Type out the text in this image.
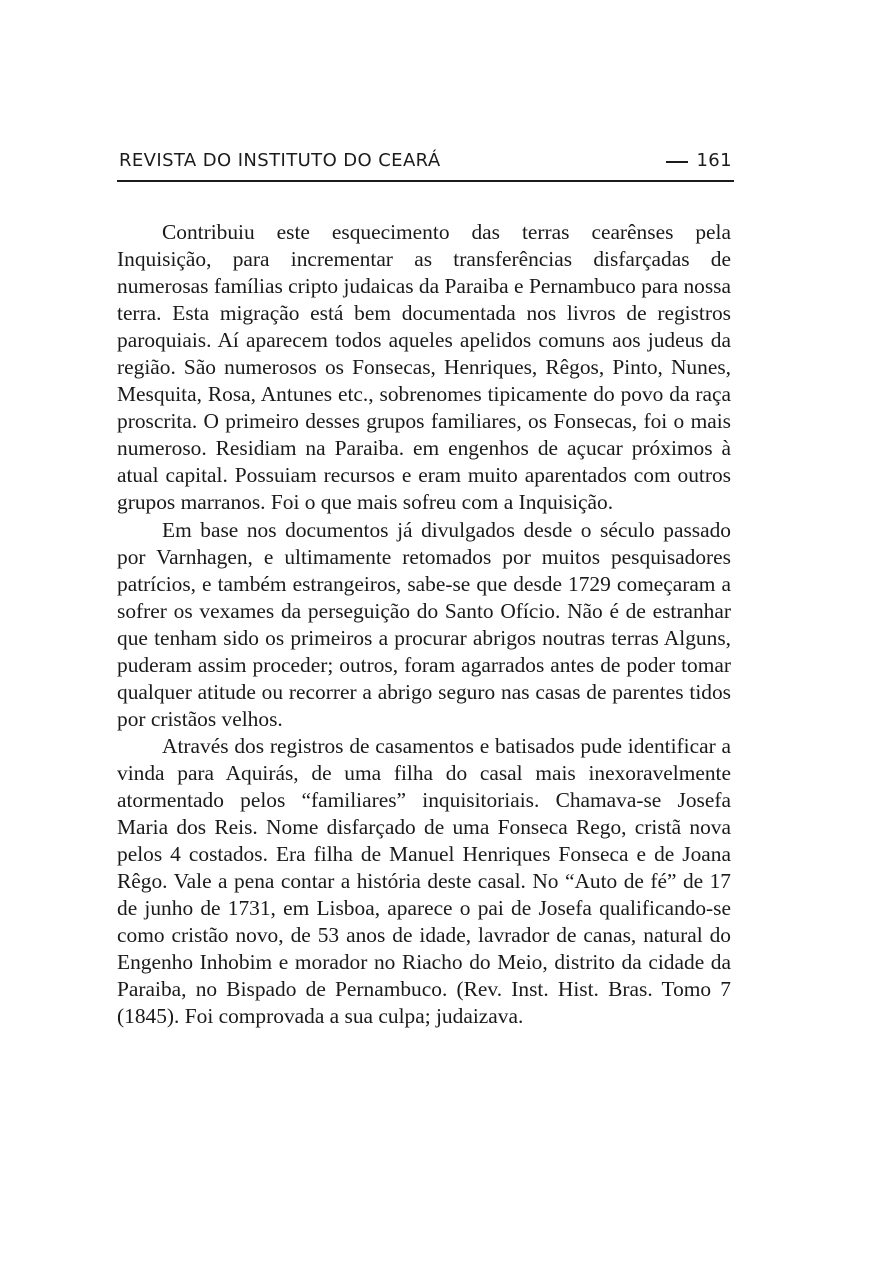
REVISTA DO INSTITUTO DO CEARÁ	161

Contribuiu este esquecimento das terras cearênses pela Inquisição, para incrementar as transferências disfarçadas de numerosas famílias cripto judaicas da Paraiba e Pernambuco para nossa terra. Esta migração está bem documentada nos livros de registros paroquiais. Aí aparecem todos aqueles apelidos comuns aos judeus da região. São numerosos os Fonsecas, Henriques, Rêgos, Pinto, Nunes, Mesquita, Rosa, Antunes etc., sobrenomes tipicamente do povo da raça proscrita. O primeiro desses grupos familiares, os Fonsecas, foi o mais numeroso. Residiam na Paraiba. em engenhos de açucar próximos à atual capital. Possuiam recursos e eram muito aparentados com outros grupos marranos. Foi o que mais sofreu com a Inquisição.

Em base nos documentos já divulgados desde o século passado por Varnhagen, e ultimamente retomados por muitos pesquisadores patrícios, e também estrangeiros, sabe-se que desde 1729 começaram a sofrer os vexames da perseguição do Santo Ofício. Não é de estranhar que tenham sido os primeiros a procurar abrigos noutras terras Alguns, puderam assim proceder; outros, foram agarrados antes de poder tomar qualquer atitude ou recorrer a abrigo seguro nas casas de parentes tidos por cristãos velhos.

Através dos registros de casamentos e batisados pude identificar a vinda para Aquirás, de uma filha do casal mais inexoravelmente atormentado pelos “familiares” inquisitoriais. Chamava-se Josefa Maria dos Reis. Nome disfarçado de uma Fonseca Rego, cristã nova pelos 4 costados. Era filha de Manuel Henriques Fonseca e de Joana Rêgo. Vale a pena contar a história deste casal. No “Auto de fé” de 17 de junho de 1731, em Lisboa, aparece o pai de Josefa qualificando-se como cristão novo, de 53 anos de idade, lavrador de canas, natural do Engenho Inhobim e morador no Riacho do Meio, distrito da cidade da Paraiba, no Bispado de Pernambuco. (Rev. Inst. Hist. Bras. Tomo 7 (1845). Foi comprovada a sua culpa; judaizava.
